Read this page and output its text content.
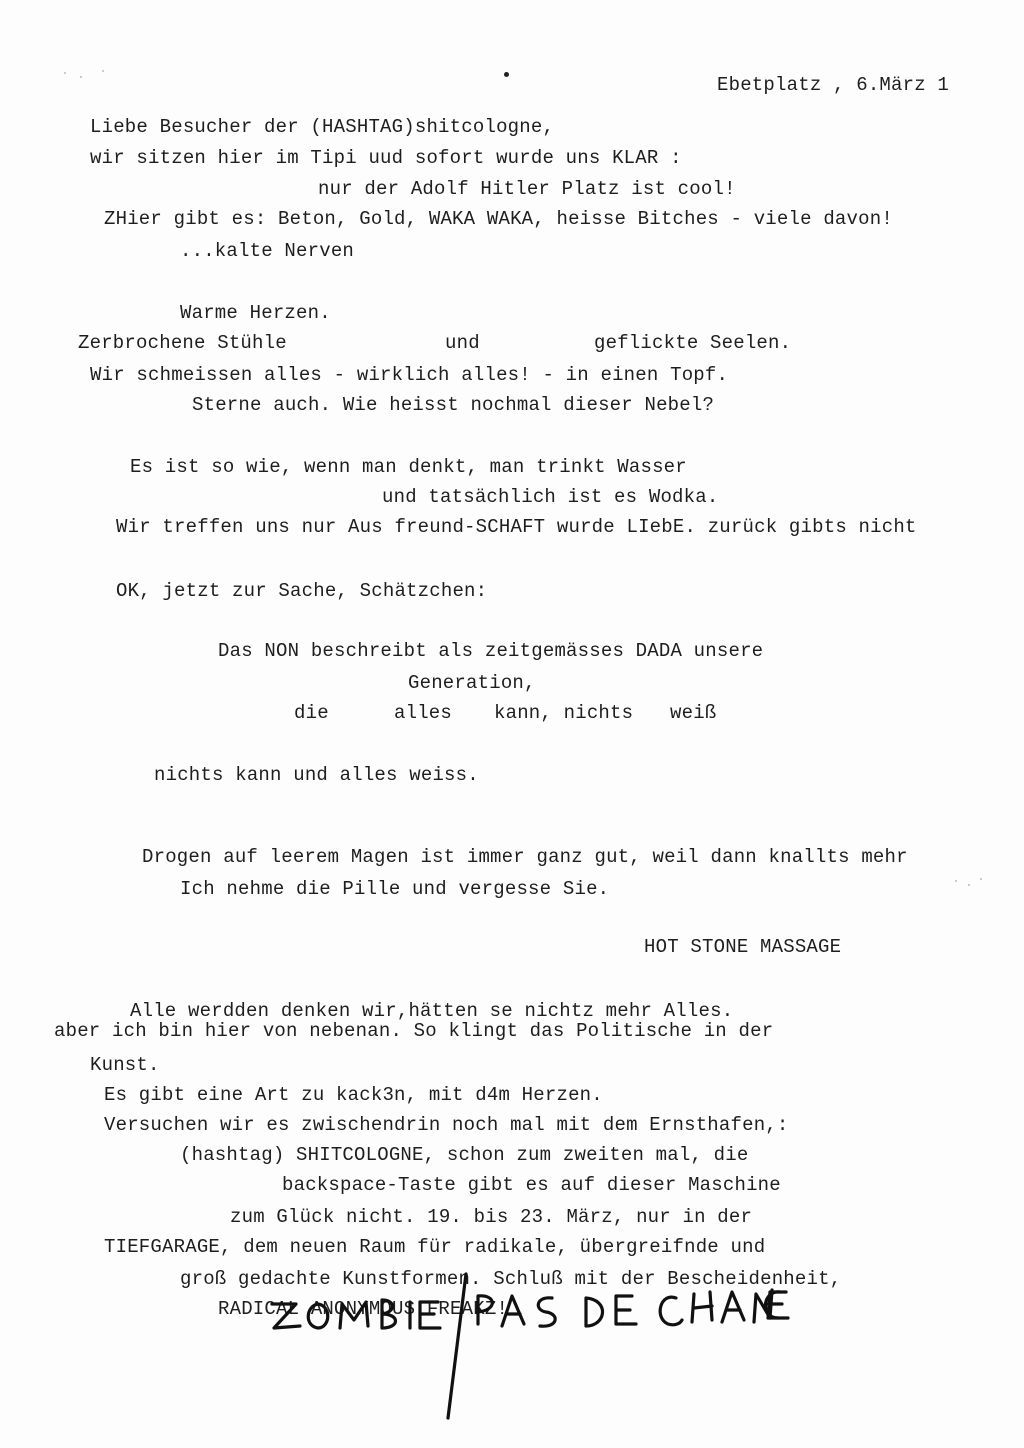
Ebetplatz , 6.März 1
Liebe Besucher der (HASHTAG)shitcologne,
wir sitzen hier im Tipi uud sofort wurde uns KLAR :
nur der Adolf Hitler Platz ist cool!
ZHier gibt es: Beton, Gold, WAKA WAKA, heisse Bitches - viele davon!
...kalte Nerven
Warme Herzen.
Zerbrochene Stühle	und	geflickte Seelen.
Wir schmeissen alles - wirklich alles! - in einen Topf.
Sterne auch. Wie heisst nochmal dieser Nebel?
Es ist so wie, wenn man denkt, man trinkt Wasser
und tatsächlich ist es Wodka.
Wir treffen uns nur Aus freund-SCHAFT wurde LIebE. zurück gibts nicht
OK, jetzt zur Sache, Schätzchen:
Das NON beschreibt als zeitgemässes DADA unsere
Generation,
die	alles kann, nichts weiß
nichts kann und alles weiss.
Drogen auf leerem Magen ist immer ganz gut, weil dann knallts mehr
Ich nehme die Pille und vergesse Sie.
HOT STONE MASSAGE
Alle werdden denken wir,hätten se nichtz mehr Alles.
aber ich bin hier von nebenan. So klingt das Politische in der
Kunst.
Es gibt eine Art zu kack3n, mit d4m Herzen.
Versuchen wir es zwischendrin noch mal mit dem Ernsthafen,:
(hashtag) SHITCOLOGNE, schon zum zweiten mal, die
backspace-Taste gibt es auf dieser Maschine
zum Glück nicht. 19. bis 23. März, nur in der
TIEFGARAGE, dem neuen Raum für radikale, übergreifnde und
groß gedachte Kunstformen. Schluß mit der Bescheidenheit,
RADICAL ANONYMOUS FREAKZ!
